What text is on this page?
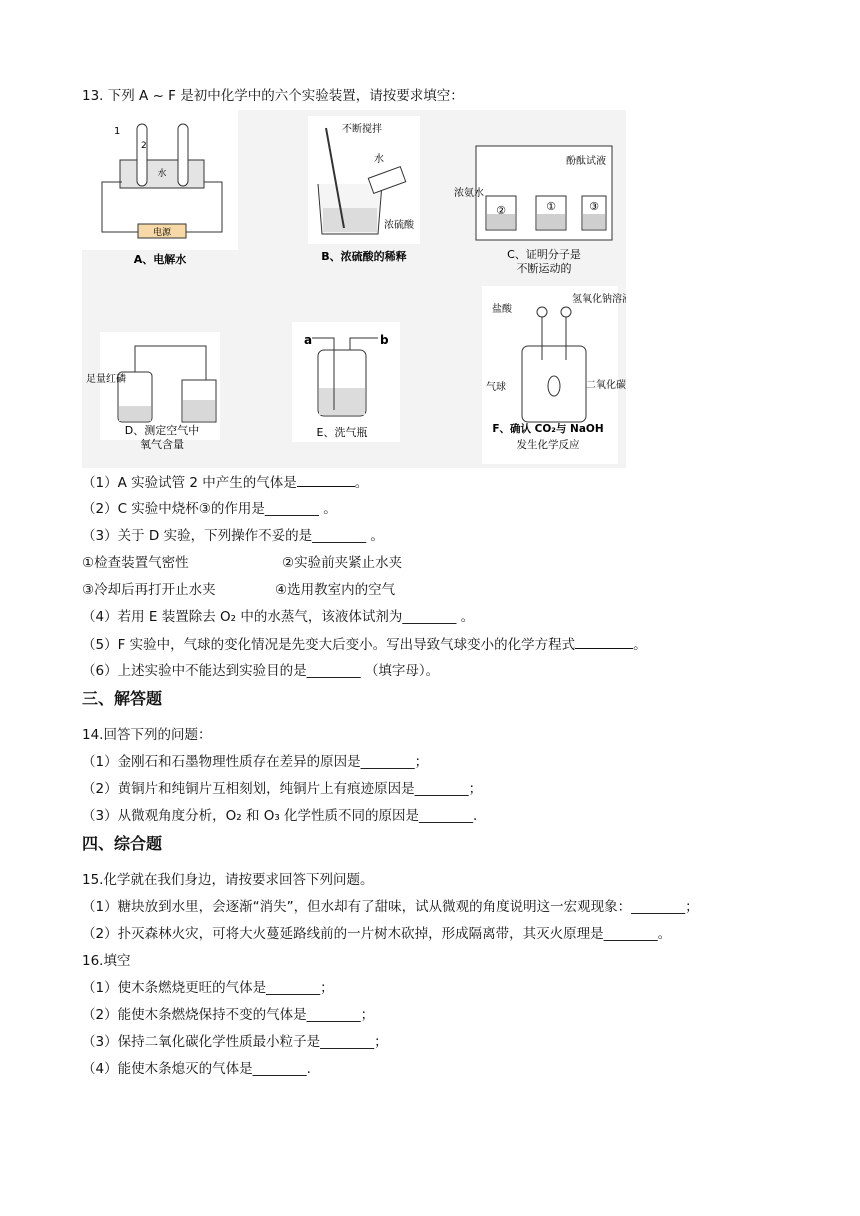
13. 下列 A ~ F 是初中化学中的六个实验装置，请按要求填空：
电源
1
2
水
A、电解水
不断搅拌
水
浓硫酸
B、浓硫酸的稀释
②	①	③
酚酞试液
浓氨水
C、证明分子是
不断运动的
足量红磷
D、测定空气中
氧气含量
a	b
E、洗气瓶
盐酸
氢氧化钠溶液
气球	二氧化碳
F、确认 CO₂与 NaOH
发生化学反应
（1）A 实验试管 2 中产生的气体是	。
（2）C 实验中烧杯③的作用是________ 。
（3）关于 D 实验，下列操作不妥的是________ 。
①检查装置气密性	②实验前夹紧止水夹
③冷却后再打开止水夹	④选用教室内的空气
（4）若用 E 装置除去 O₂ 中的水蒸气，该液体试剂为________ 。
（5）F 实验中，气球的变化情况是先变大后变小。写出导致气球变小的化学方程式	。
（6）上述实验中不能达到实验目的是________ （填字母）。
三、解答题
14.回答下列的问题：
（1）金刚石和石墨物理性质存在差异的原因是________；
（2）黄铜片和纯铜片互相刻划，纯铜片上有痕迹原因是________；
（3）从微观角度分析，O₂ 和 O₃ 化学性质不同的原因是________.
四、综合题
15.化学就在我们身边，请按要求回答下列问题。
（1）糖块放到水里，会逐渐“消失”，但水却有了甜味，试从微观的角度说明这一宏观现象：________；
（2）扑灭森林火灾，可将大火蔓延路线前的一片树木砍掉，形成隔离带，其灭火原理是________。
16.填空
（1）使木条燃烧更旺的气体是________；
（2）能使木条燃烧保持不变的气体是________；
（3）保持二氧化碳化学性质最小粒子是________；
（4）能使木条熄灭的气体是________.
